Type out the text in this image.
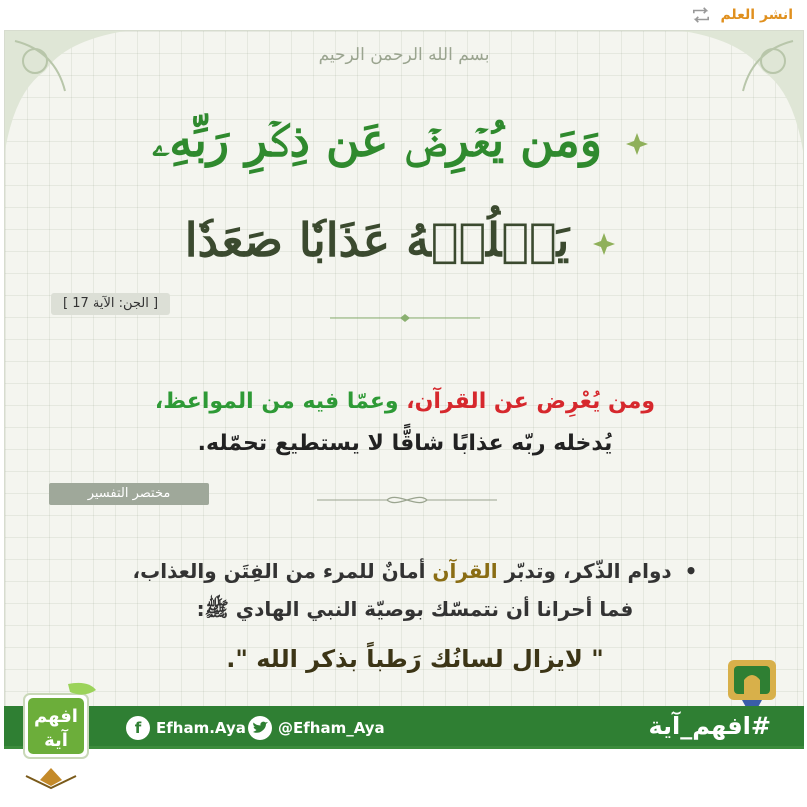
انشر العلم
بسم الله الرحمن الرحيم
وَمَن يُعۡرِضۡ عَن ذِكۡرِ رَبِّهِۦ
يَسۡلُكۡهُ عَذَابٗا صَعَدٗا
[ الجن: الآية 17 ]
ومن يُعْرِض عن القرآن، وعمّا فيه من المواعظ،
يُدخله ربّه عذابًا شاقًّا لا يستطيع تحمّله.
مختصر التفسير
• دوام الذّكر، وتدبّر القرآن أمانٌ للمرء من الفِتَن والعذاب،
فما أحرانا أن نتمسّك بوصيّة النبي الهادي ﷺ:
" لايزال لسانُك رَطباً بذكر الله ".
#افهم_آية
f Efham.Aya @Efham_Aya
افهم
آية
